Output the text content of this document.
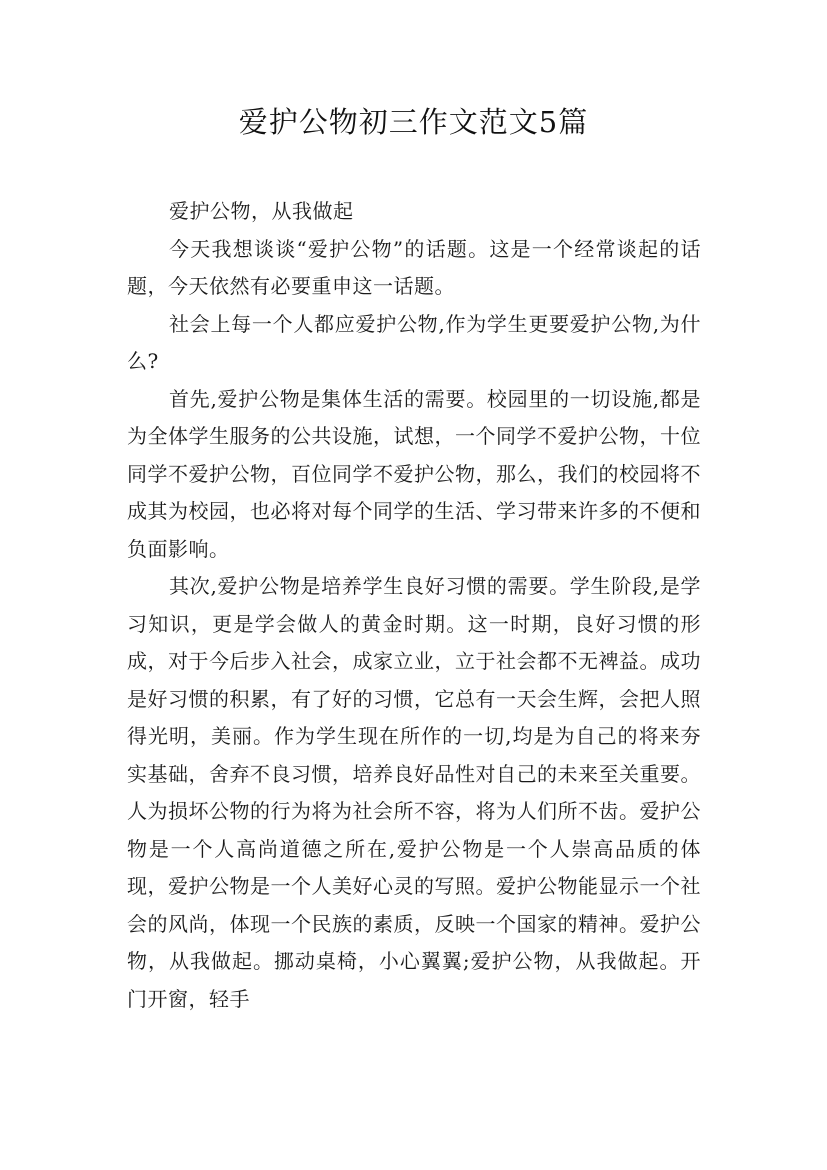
爱护公物初三作文范文5篇

爱护公物，从我做起

今天我想谈谈“爱护公物”的话题。这是一个经常谈起的话题，今天依然有必要重申这一话题。

社会上每一个人都应爱护公物,作为学生更要爱护公物,为什么?

首先,爱护公物是集体生活的需要。校园里的一切设施,都是为全体学生服务的公共设施，试想，一个同学不爱护公物，十位同学不爱护公物，百位同学不爱护公物，那么，我们的校园将不成其为校园，也必将对每个同学的生活、学习带来许多的不便和负面影响。

其次,爱护公物是培养学生良好习惯的需要。学生阶段,是学习知识，更是学会做人的黄金时期。这一时期，良好习惯的形成，对于今后步入社会，成家立业，立于社会都不无裨益。成功是好习惯的积累，有了好的习惯，它总有一天会生辉，会把人照得光明，美丽。作为学生现在所作的一切,均是为自己的将来夯实基础，舍弃不良习惯，培养良好品性对自己的未来至关重要。人为损坏公物的行为将为社会所不容，将为人们所不齿。爱护公物是一个人高尚道德之所在,爱护公物是一个人崇高品质的体现，爱护公物是一个人美好心灵的写照。爱护公物能显示一个社会的风尚，体现一个民族的素质，反映一个国家的精神。爱护公物，从我做起。挪动桌椅，小心翼翼;爱护公物，从我做起。开门开窗，轻手
